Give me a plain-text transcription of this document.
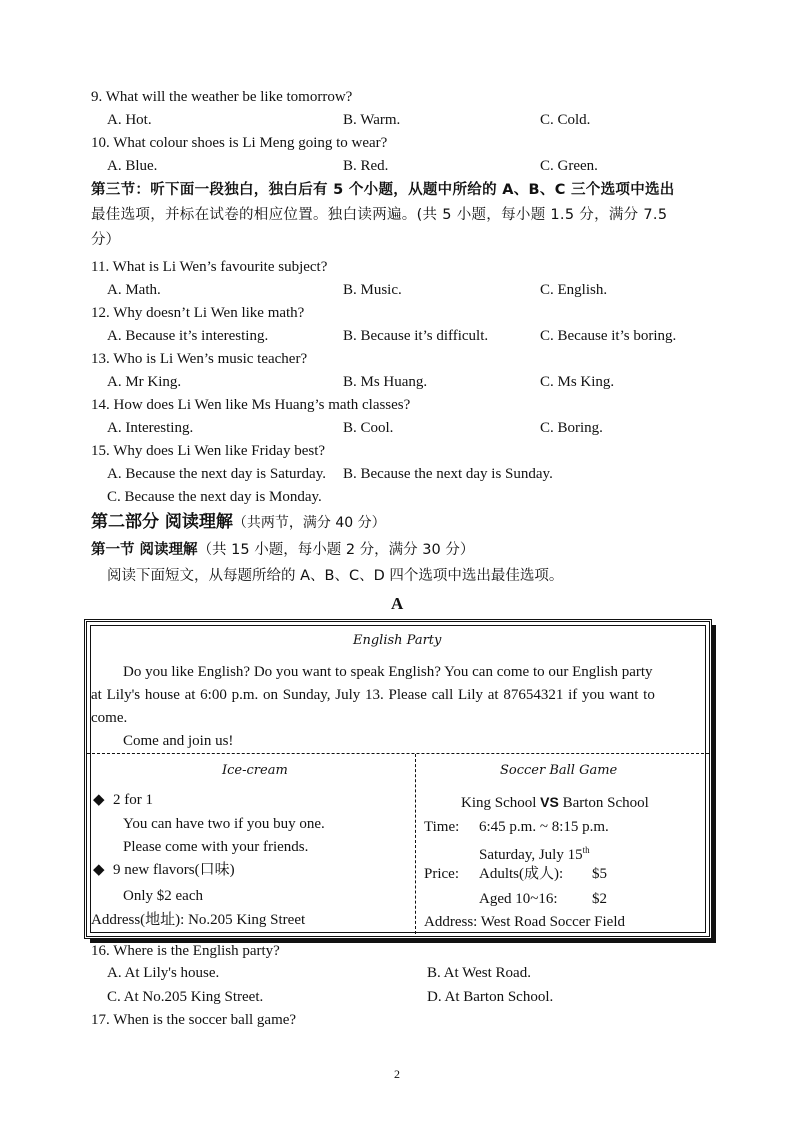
9. What will the weather be like tomorrow?
A. Hot.	B. Warm.	C. Cold.
10. What colour shoes is Li Meng going to wear?
A. Blue.	B. Red.	C. Green.
第三节：听下面一段独白，独白后有 5 个小题，从题中所给的 A、B、C 三个选项中选出
最佳选项，并标在试卷的相应位置。独白读两遍。(共 5 小题，每小题 1.5 分，满分 7.5
分）
11. What is Li Wen’s favourite subject?
A. Math.	B. Music.	C. English.
12. Why doesn’t Li Wen like math?
A. Because it’s interesting.	B. Because it’s difficult.	C. Because it’s boring.
13. Who is Li Wen’s music teacher?
A. Mr King.	B. Ms Huang.	C. Ms King.
14. How does Li Wen like Ms Huang’s math classes?
A. Interesting.	B. Cool.	C. Boring.
15. Why does Li Wen like Friday best?
A. Because the next day is Saturday. B. Because the next day is Sunday.
C. Because the next day is Monday.
第二部分 阅读理解（共两节，满分 40 分）
第一节 阅读理解（共 15 小题，每小题 2 分，满分 30 分）
阅读下面短文，从每题所给的 A、B、C、D 四个选项中选出最佳选项。
A
English Party
Do you like English? Do you want to speak English? You can come to our English party
at Lily's house at 6:00 p.m. on Sunday, July 13. Please call Lily at 87654321 if you want to
come.
Come and join us!
Ice-cream
◆ 2 for 1
You can have two if you buy one.
Please come with your friends.
◆ 9 new flavors(口味)
Only $2 each
Address(地址): No.205 King Street
Soccer Ball Game
King School VS Barton School
Time: 6:45 p.m. ~ 8:15 p.m.
Saturday, July 15th
Price: Adults(成人): $5
Aged 10~16: $2
Address: West Road Soccer Field
16. Where is the English party?
A. At Lily's house.	B. At West Road.
C. At No.205 King Street.	D. At Barton School.
17. When is the soccer ball game?
2
